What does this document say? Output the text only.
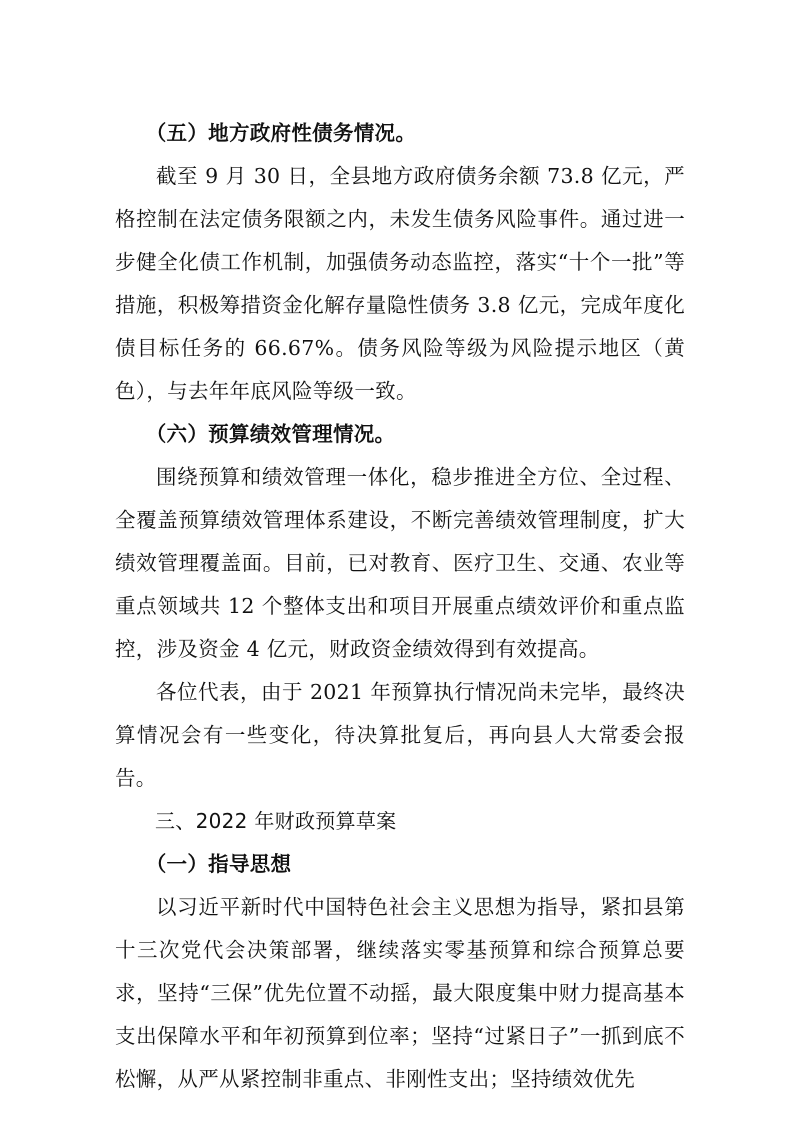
（五）地方政府性债务情况。

截至 9 月 30 日，全县地方政府债务余额 73.8 亿元，严格控制在法定债务限额之内，未发生债务风险事件。通过进一步健全化债工作机制，加强债务动态监控，落实“十个一批”等措施，积极筹措资金化解存量隐性债务 3.8 亿元，完成年度化债目标任务的 66.67%。债务风险等级为风险提示地区（黄色），与去年年底风险等级一致。

（六）预算绩效管理情况。

围绕预算和绩效管理一体化，稳步推进全方位、全过程、全覆盖预算绩效管理体系建设，不断完善绩效管理制度，扩大绩效管理覆盖面。目前，已对教育、医疗卫生、交通、农业等重点领域共 12 个整体支出和项目开展重点绩效评价和重点监控，涉及资金 4 亿元，财政资金绩效得到有效提高。

各位代表，由于 2021 年预算执行情况尚未完毕，最终决算情况会有一些变化，待决算批复后，再向县人大常委会报告。

三、2022 年财政预算草案

（一）指导思想

以习近平新时代中国特色社会主义思想为指导，紧扣县第十三次党代会决策部署，继续落实零基预算和综合预算总要求，坚持“三保”优先位置不动摇，最大限度集中财力提高基本支出保障水平和年初预算到位率；坚持“过紧日子”一抓到底不松懈，从严从紧控制非重点、非刚性支出；坚持绩效优先
